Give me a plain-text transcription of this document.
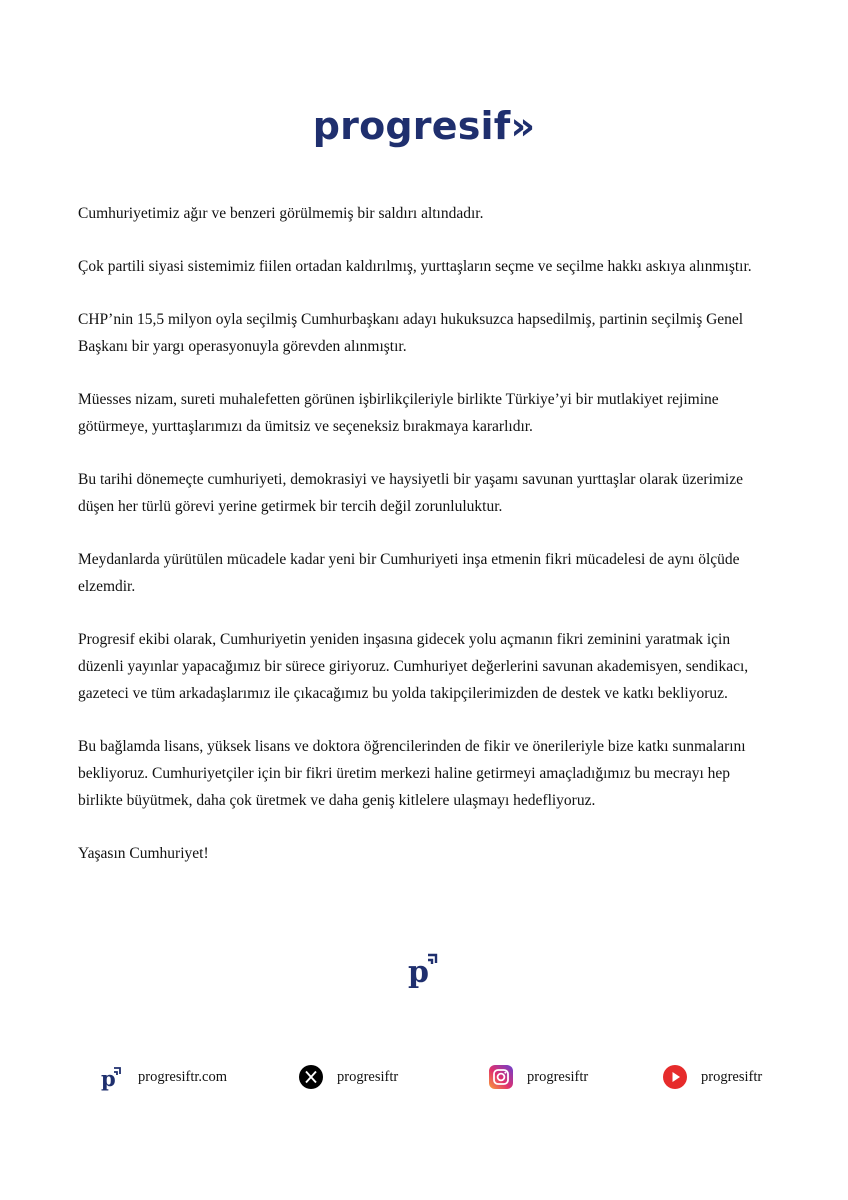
progresif»

Cumhuriyetimiz ağır ve benzeri görülmemiş bir saldırı altındadır.

Çok partili siyasi sistemimiz fiilen ortadan kaldırılmış, yurttaşların seçme ve seçilme hakkı askıya alınmıştır.

CHP’nin 15,5 milyon oyla seçilmiş Cumhurbaşkanı adayı hukuksuzca hapsedilmiş, partinin seçilmiş Genel Başkanı bir yargı operasyonuyla görevden alınmıştır.

Müesses nizam, sureti muhalefetten görünen işbirlikçileriyle birlikte Türkiye’yi bir mutlakiyet rejimine götürmeye, yurttaşlarımızı da ümitsiz ve seçeneksiz bırakmaya kararlıdır.

Bu tarihi dönemeçte cumhuriyeti, demokrasiyi ve haysiyetli bir yaşamı savunan yurttaşlar olarak üzerimize düşen her türlü görevi yerine getirmek bir tercih değil zorunluluktur.

Meydanlarda yürütülen mücadele kadar yeni bir Cumhuriyeti inşa etmenin fikri mücadelesi de aynı ölçüde elzemdir.

Progresif ekibi olarak, Cumhuriyetin yeniden inşasına gidecek yolu açmanın fikri zeminini yaratmak için düzenli yayınlar yapacağımız bir sürece giriyoruz. Cumhuriyet değerlerini savunan akademisyen, sendikacı, gazeteci ve tüm arkadaşlarımız ile çıkacağımız bu yolda takipçilerimizden de destek ve katkı bekliyoruz.

Bu bağlamda lisans, yüksek lisans ve doktora öğrencilerinden de fikir ve önerileriyle bize katkı sunmalarını bekliyoruz. Cumhuriyetçiler için bir fikri üretim merkezi haline getirmeyi amaçladığımız bu mecrayı hep birlikte büyütmek, daha çok üretmek ve daha geniş kitlelere ulaşmayı hedefliyoruz.

Yaşasın Cumhuriyet!

p
p progresiftr.com	progresiftr	progresiftr	progresiftr
